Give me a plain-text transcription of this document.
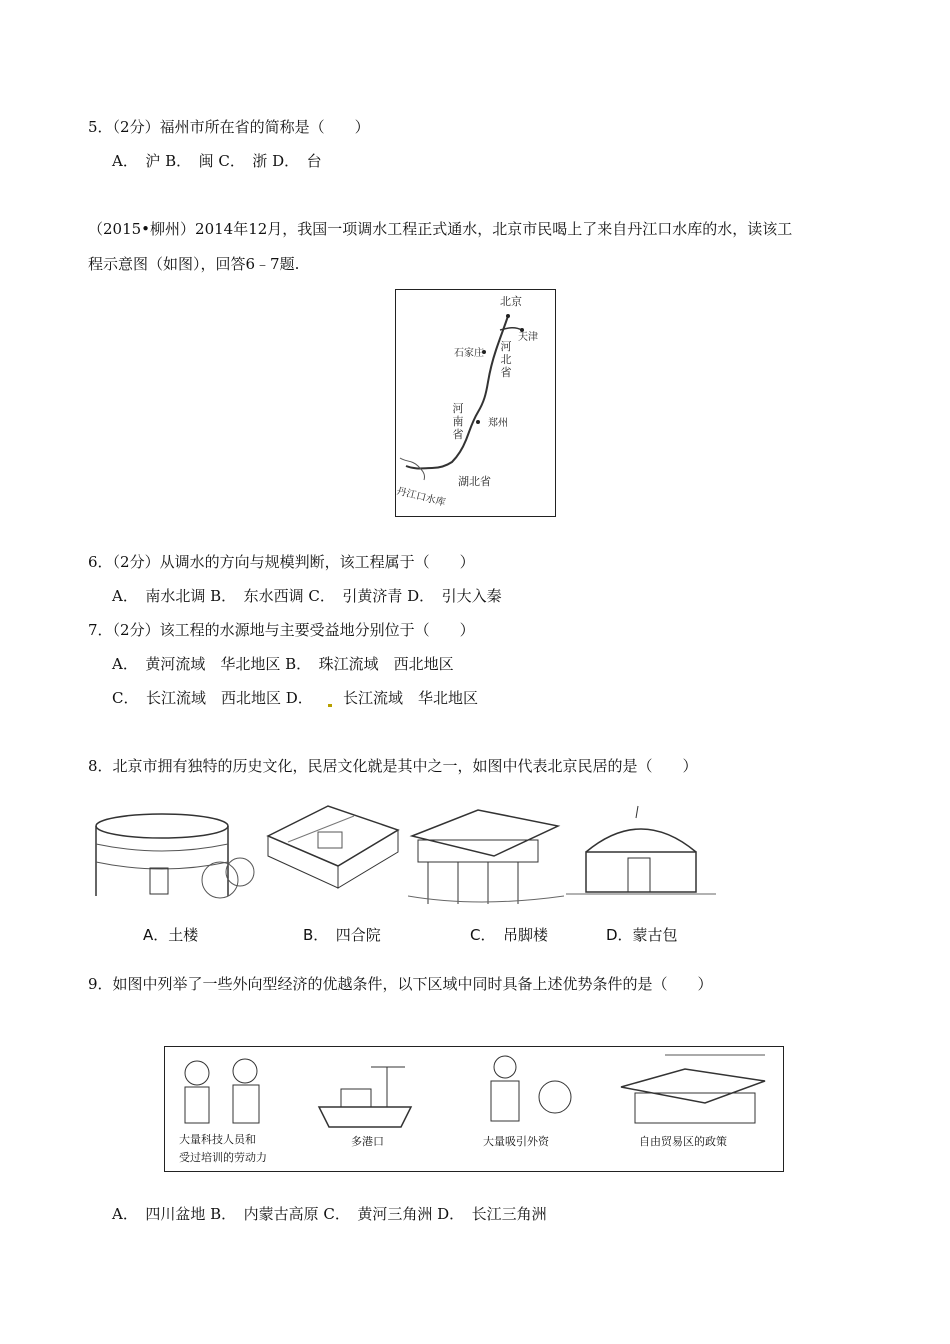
5．（2分）福州市所在省的简称是（　　）
A．　沪 B．　闽 C．　浙 D．　台
（2015•柳州）2014年12月，我国一项调水工程正式通水，北京市民喝上了来自丹江口水库的水，读该工
程示意图（如图），回答6﹣7题.
北京
天津
石家庄
河北省
河南省
郑州
湖北省
丹江口水库
6．（2分）从调水的方向与规模判断，该工程属于（　　）
A．　南水北调 B．　东水西调 C．　引黄济青 D．　引大入秦
7．（2分）该工程的水源地与主要受益地分别位于（　　）
A．　黄河流域　华北地区 B．　珠江流域　西北地区
C．　长江流域　西北地区 D． 长江流域　华北地区
8．北京市拥有独特的历史文化，民居文化就是其中之一，如图中代表北京民居的是（　　）
A．土楼	B．　四合院	C．　吊脚楼	D．蒙古包
9．如图中列举了一些外向型经济的优越条件，以下区域中同时具备上述优势条件的是（　　）
大量科技人员和
受过培训的劳动力
多港口	大量吸引外资	自由贸易区的政策
A．　四川盆地 B．　内蒙古高原 C．　黄河三角洲 D．　长江三角洲
